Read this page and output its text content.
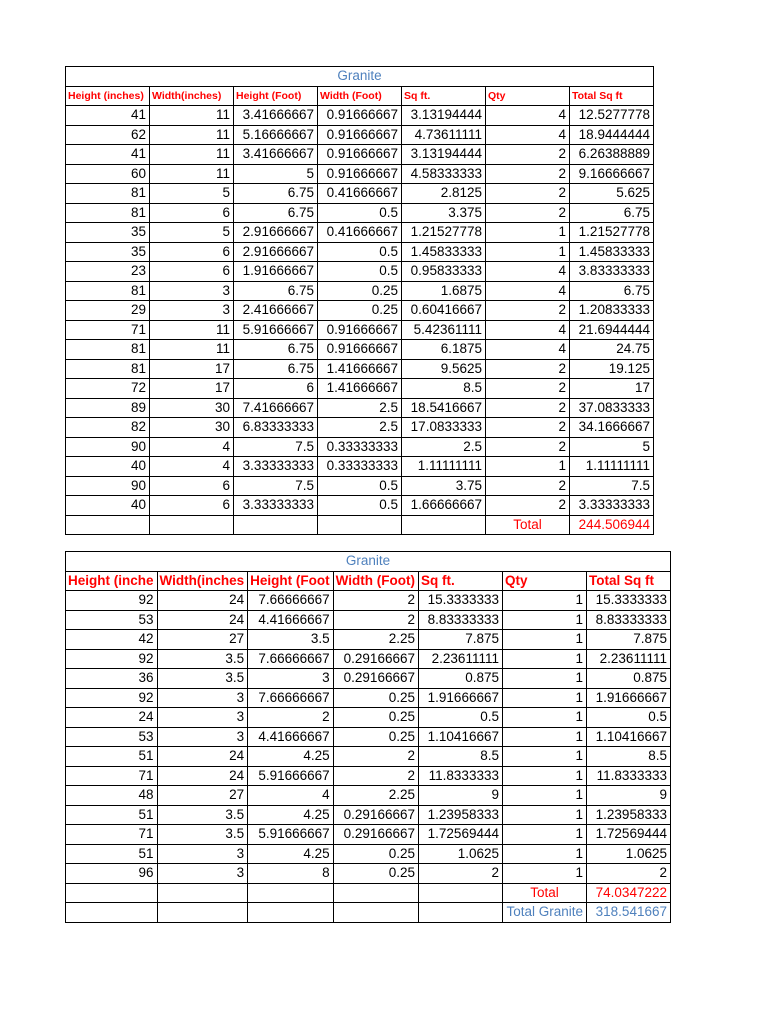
Granite						
Height (inches)	Width(inches)	Height (Foot)	Width (Foot)	Sq ft.	Qty	Total Sq ft
41	11	3.41666667	0.91666667	3.13194444	4	12.5277778
62	11	5.16666667	0.91666667	4.73611111	4	18.9444444
41	11	3.41666667	0.91666667	3.13194444	2	6.26388889
60	11	5	0.91666667	4.58333333	2	9.16666667
81	5	6.75	0.41666667	2.8125	2	5.625
81	6	6.75	0.5	3.375	2	6.75
35	5	2.91666667	0.41666667	1.21527778	1	1.21527778
35	6	2.91666667	0.5	1.45833333	1	1.45833333
23	6	1.91666667	0.5	0.95833333	4	3.83333333
81	3	6.75	0.25	1.6875	4	6.75
29	3	2.41666667	0.25	0.60416667	2	1.20833333
71	11	5.91666667	0.91666667	5.42361111	4	21.6944444
81	11	6.75	0.91666667	6.1875	4	24.75
81	17	6.75	1.41666667	9.5625	2	19.125
72	17	6	1.41666667	8.5	2	17
89	30	7.41666667	2.5	18.5416667	2	37.0833333
82	30	6.83333333	2.5	17.0833333	2	34.1666667
90	4	7.5	0.33333333	2.5	2	5
40	4	3.33333333	0.33333333	1.11111111	1	1.11111111
90	6	7.5	0.5	3.75	2	7.5
40	6	3.33333333	0.5	1.66666667	2	3.33333333
					Total	244.506944
Granite						
Height (inche	Width(inches	Height (Foot	Width (Foot)	Sq ft.	Qty	Total Sq ft
92	24	7.66666667	2	15.3333333	1	15.3333333
53	24	4.41666667	2	8.83333333	1	8.83333333
42	27	3.5	2.25	7.875	1	7.875
92	3.5	7.66666667	0.29166667	2.23611111	1	2.23611111
36	3.5	3	0.29166667	0.875	1	0.875
92	3	7.66666667	0.25	1.91666667	1	1.91666667
24	3	2	0.25	0.5	1	0.5
53	3	4.41666667	0.25	1.10416667	1	1.10416667
51	24	4.25	2	8.5	1	8.5
71	24	5.91666667	2	11.8333333	1	11.8333333
48	27	4	2.25	9	1	9
51	3.5	4.25	0.29166667	1.23958333	1	1.23958333
71	3.5	5.91666667	0.29166667	1.72569444	1	1.72569444
51	3	4.25	0.25	1.0625	1	1.0625
96	3	8	0.25	2	1	2
					Total	74.0347222
					Total Granite	318.541667
